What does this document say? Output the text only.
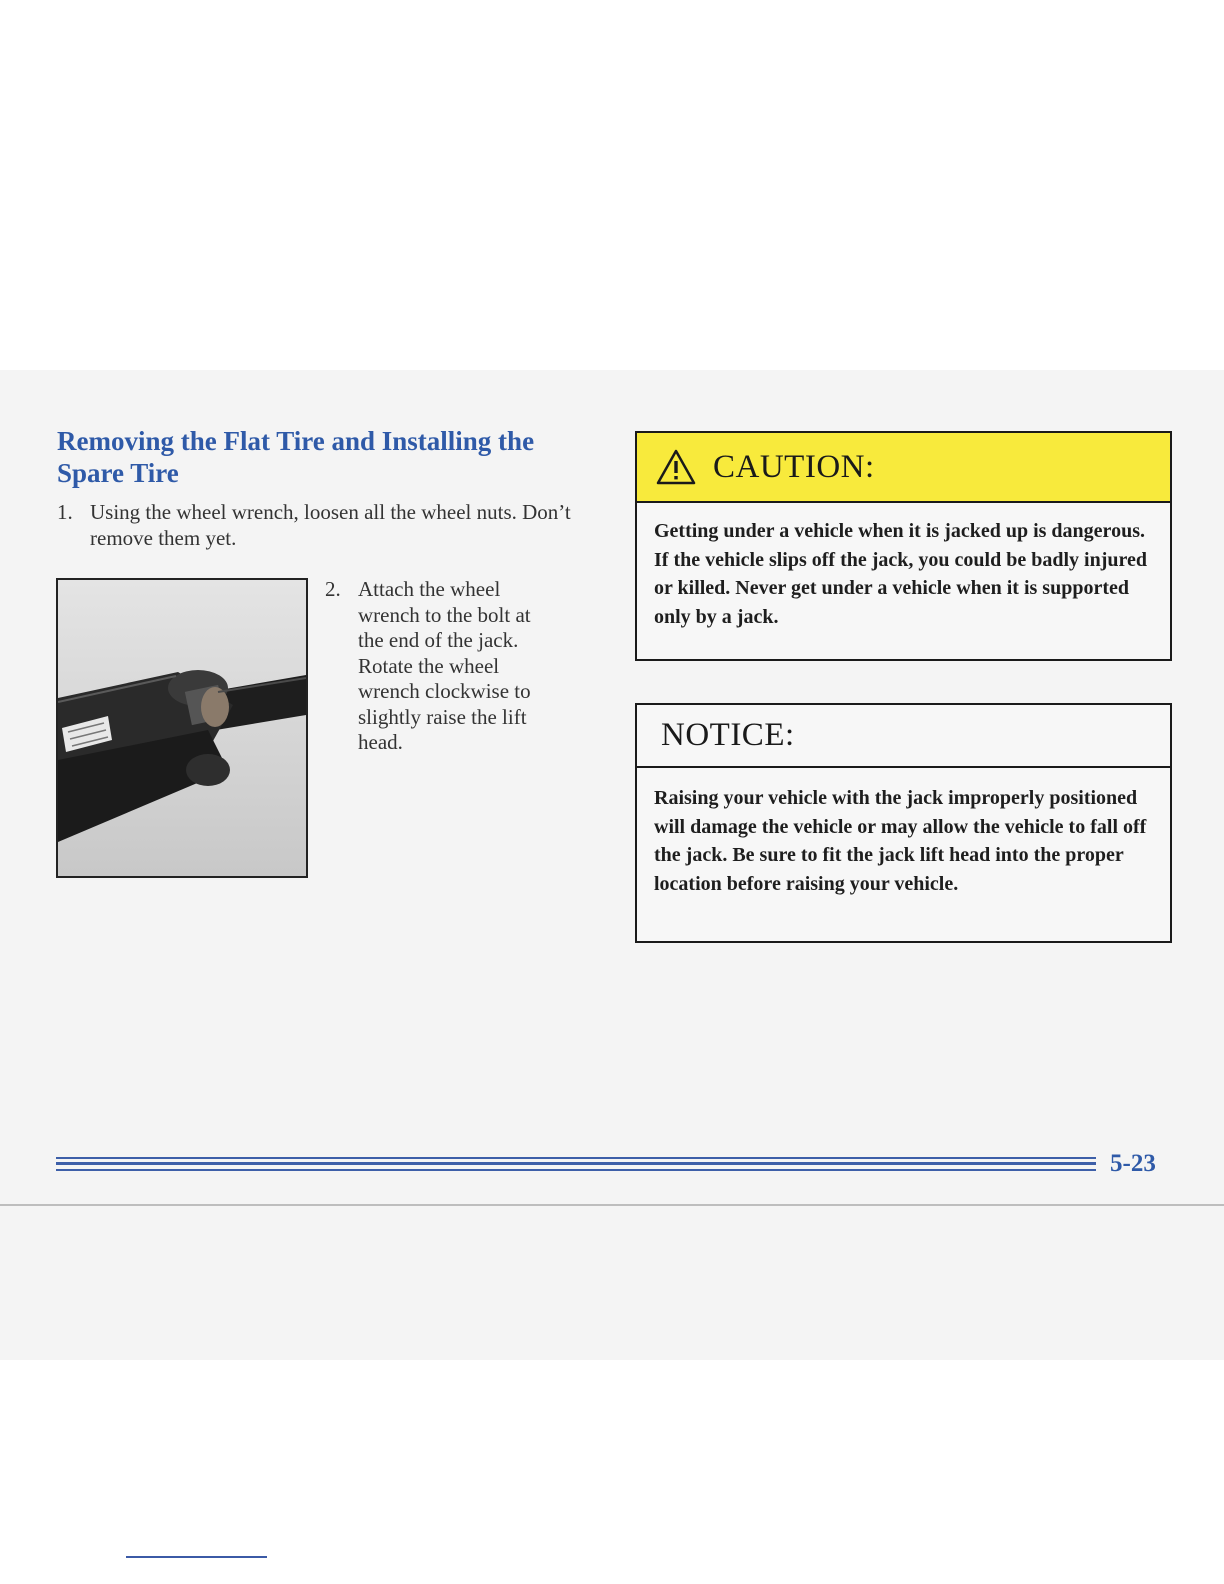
Removing the Flat Tire and Installing the Spare Tire
1. Using the wheel wrench, loosen all the wheel nuts. Don’t remove them yet.
2. Attach the wheel wrench to the bolt at the end of the jack. Rotate the wheel wrench clockwise to slightly raise the lift head.
CAUTION:
Getting under a vehicle when it is jacked up is dangerous. If the vehicle slips off the jack, you could be badly injured or killed. Never get under a vehicle when it is supported only by a jack.
NOTICE:
Raising your vehicle with the jack improperly positioned will damage the vehicle or may allow the vehicle to fall off the jack. Be sure to fit the jack lift head into the proper location before raising your vehicle.
5-23
